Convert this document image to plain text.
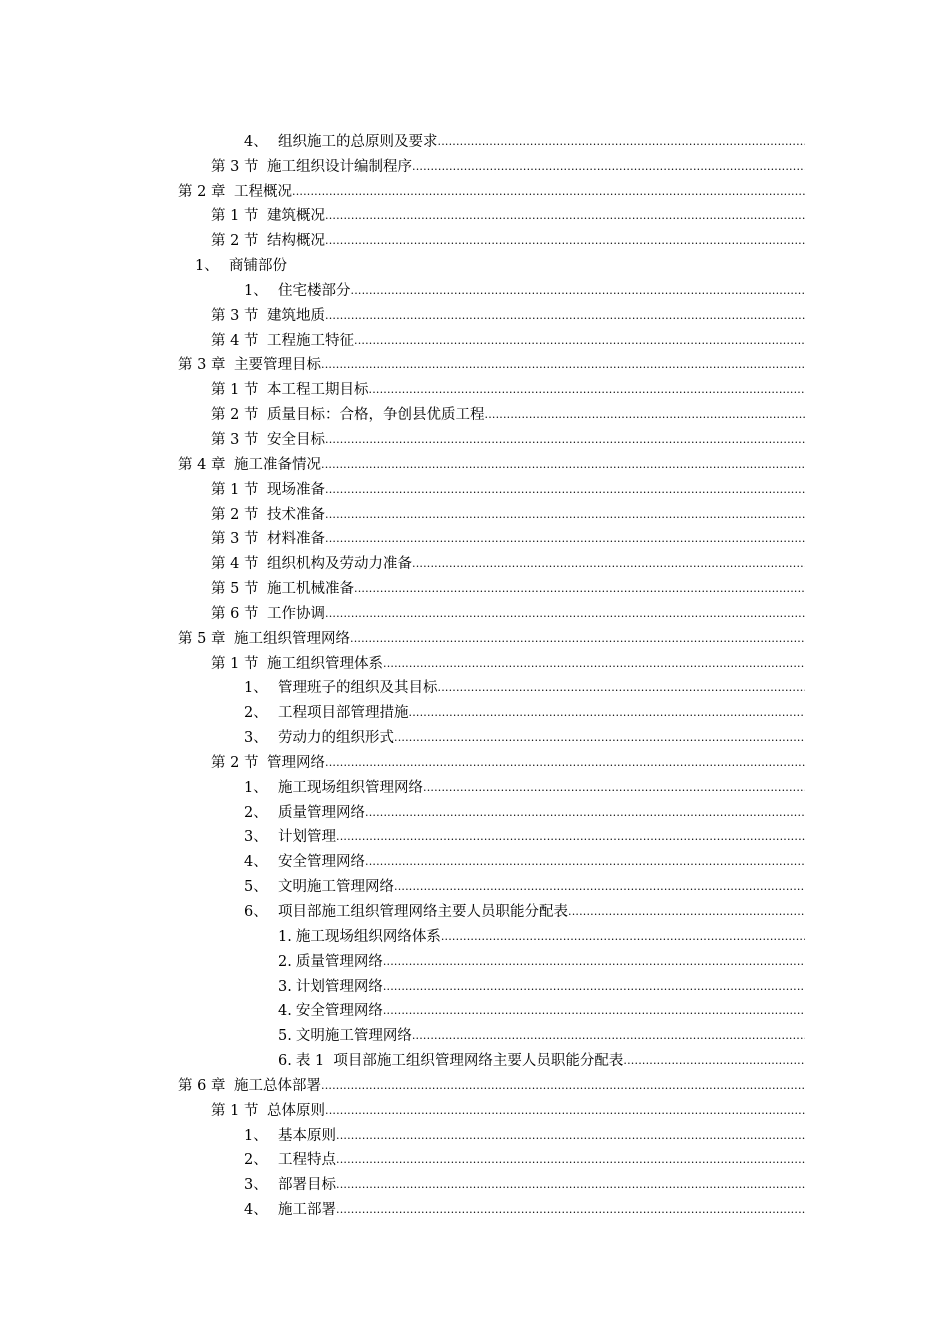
4、 组织施工的总原则及要求
.....
第 3 节 施工组织设计编制程序
.....
第 2 章 工程概况
.....
第 1 节 建筑概况
.....
第 2 节 结构概况
.....
1、 商铺部份
1、 住宅楼部分
.....
第 3 节 建筑地质
.....
第 4 节 工程施工特征
.....
第 3 章 主要管理目标
.....
第 1 节 本工程工期目标
.....
第 2 节 质量目标：合格，争创县优质工程
.....
第 3 节 安全目标
.....
第 4 章 施工准备情况
.....
第 1 节 现场准备
.....
第 2 节 技术准备
.....
第 3 节 材料准备
.....
第 4 节 组织机构及劳动力准备
.....
第 5 节 施工机械准备
.....
第 6 节 工作协调
.....
第 5 章 施工组织管理网络
.....
第 1 节 施工组织管理体系
.....
1、 管理班子的组织及其目标
.....
2、 工程项目部管理措施
.....
3、 劳动力的组织形式
.....
第 2 节 管理网络
.....
1、 施工现场组织管理网络
.....
2、 质量管理网络
.....
3、 计划管理
.....
4、 安全管理网络
.....
5、 文明施工管理网络
.....
6、 项目部施工组织管理网络主要人员职能分配表
.....
1. 施工现场组织网络体系
.....
2. 质量管理网络
.....
3. 计划管理网络
.....
4. 安全管理网络
.....
5. 文明施工管理网络
.....
6. 表 1  项目部施工组织管理网络主要人员职能分配表
.....
第 6 章 施工总体部署
.....
第 1 节 总体原则
.....
1、 基本原则
.....
2、 工程特点
.....
3、 部署目标
.....
4、 施工部署
.....
